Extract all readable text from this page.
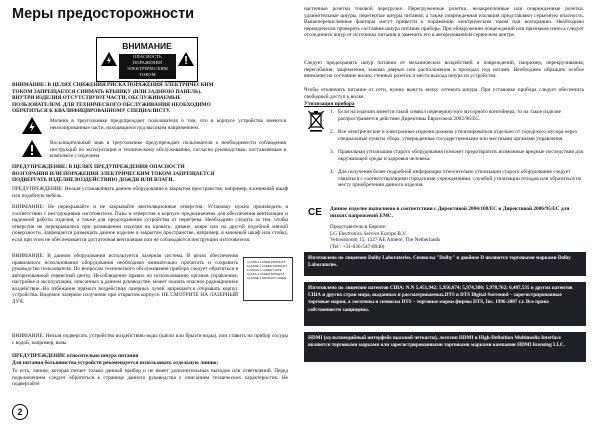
Меры предосторожности
ВНИМАНИЕ
ОПАСНОСТЬ ПОРАЖЕНИЯ
ЭЛЕКТРИЧЕСКИМ ТОКОМ
НЕ ОТКРЫВАТЬ
ВНИМАНИЕ: В ЦЕЛЯХ СНИЖЕНИЯ РИСКА ПОРАЖЕНИЯ ЭЛЕКТРИЧЕСКИМ
ТОКОМ ЗАПРЕЩАЕТСЯ СНИМАТЬ КРЫШКУ (ИЛИ ЗАДНЮЮ ПАНЕЛЬ).
ВНУТРИ ИЗДЕЛИЯ ОТСУТСТВУЮТ ЧАСТИ, ОБСЛУЖИВАЕМЫЕ
ПОЛЬЗОВАТЕЛЕМ. ДЛЯ ТЕХНИЧЕСКОГО ОБСЛУЖИВАНИЯ НЕОБХОДИМО
ОБРАТИТЬСЯ К КВАЛИФИЦИРОВАННОМУ СПЕЦИАЛИСТУ.
Молния в треугольнике предупреждает пользователя о том, что в корпусе устройства имеются неизолированные части, находящиеся под высоким напряжением.
Восклицательный знак в треугольнике предупреждает пользователя о необходимости соблюдения инструкций по эксплуатации и техническому обслуживанию, согласно руководствам, поставляемым в комплекте с изделием.
ПРЕДУПРЕЖДЕНИЕ: В ЦЕЛЯХ ПРЕДУПРЕЖДЕНИЯ ОПАСНОСТИ
ВОЗГОРАНИЯ ИЛИ ПОРАЖЕНИЯ ЭЛЕКТРИЧЕСКИМ ТОКОМ ЗАПРЕЩАЕТСЯ
ПОДВЕРГАТЬ ИЗДЕЛИЕ ВОЗДЕЙСТВИЮ ДОЖДЯ ИЛИ ВЛАГИ.
ПРЕДУПРЕЖДЕНИЕ: Нельзя устанавливать данное оборудование в закрытом пространстве, например, в книжный шкаф или подобную мебель.
ВНИМАНИЕ: Не перекрывайте и не закрывайте вентиляционные отверстия. Установку нужно производить в соответствии с инструкциями изготовителя. Пазы и отверстия в корпусе предназначены для обеспечения вентиляции и надежной работы изделия, а также для предохранения устройства от перегрева. Необходимо следить за тем, чтобы отверстия не перекрывались при размещении изделия на кровати, диване, ковре или на другой подобной мягкой поверхности. Запрещается размещать данное изделие в закрытом пространстве, например, в книжный шкаф или стойку, если при этом не обеспечивается достаточная вентиляция или не соблюдаются инструкции изготовителя.
ВНИМАНИЕ: В данном оборудовании используется лазерная система. В целях обеспечения правильного использования оборудования необходимо внимательно прочитать и сохранить руководство пользователя. По вопросам технического обслуживания прибора следует обратиться в авторизованный сервисный центр. Несоблюдение правил по использованию органов управления, настройке и эксплуатации, описанных в данном руководстве, может оказать опасное радиационное воздействие. Во избежание прямого воздействия лазерных лучей запрещается открывать корпус устройства. Видимое лазерное излучение при открытом корпусе. НЕ СМОТРИТЕ НА ЛАЗЕРНЫЙ ЛУЧ.
CLASS 1 LASER PRODUCT
KLASSE 1 LASER PRODUKT
LUOKAN 1 LASER LAITE
KLASS 1 LASER APPARAT
CLASSE 1 PRODUIT LASER
ВНИМАНИЕ: Нельзя подвергать устройство воздействию воды (капли или брызги воды), или ставить на прибор сосуды с водой, например, вазы.
ПРЕДУПРЕЖДЕНИЕ относительно шнура питания
Для питания большинства устройств рекомендуется использовать отдельную линию;
То есть, линию, которая питает только данный прибор и не имеет дополнительных выходов или ответвлений. Перед подключением следует обратиться к странице данного руководства с описанием технических характеристик. Не подвергайте
2
настенные розетки токовой перегрузке. Перегруженные розетки, незакрепленные или поврежденные розетки, удлинительные шнуры, перетертые шнуры питания, а также поврежденная изоляция представляют серьезную опасность. Вышеперечисленные факторы могут привести к поражению электрическим током или возгоранию. Необходимо периодически проверять состояние шнура питания прибора. При обнаружении повреждений или признаков износа следует отсоединить шнур от источника питания и заменить его в авторизованном сервисном центре.
Следует предохранять шнур питания от механических воздействий и повреждений, например, перекручивания, перегибания, защемления, зажима дверью или расположения в проходах под ногами. Необходимо обращать особое внимание на состояние вилок, стенных розеток и места выхода шнура из устройства.
Чтобы отключить питание от сети, нужно вынуть вилку сетевого шнура. При установке прибора следует обеспечить свободный доступ к вилке.
Утилизация прибора
1. Если на изделии имеется такой символ перечеркнутого мусорного контейнера, то на такое изделие распространяется действие Директивы Евросоюза 2002/96/ЕС.
2. Все электрические и электронные изделия должны утилизироваться отдельно от городского мусора через специальные пункты сбора, утвержденные государственными или местными органами управления.
3. Правильная утилизация старого оборудования поможет предотвратить возможные вредные последствия для окружающей среды и здоровья человека.
4. Для получения более подробной информации относительно утилизации старого оборудования следует связаться с соответствующими городскими учреждениями, службой утилизации отходов или обратиться по месту приобретения данного изделия.
CE Данное изделие выполнено в соответствии с Директивой 2004/108/EC и Директивой 2006/95/EC для низких напряжений EMC.
Представитель в Европе:
LG Electronics Service Europe B.V.
Veluwezoom 15, 1327 AE Almere, The Netherlands
(Tel : +31-036-547-8940)
Изготовлено по лицензии Dolby Laboratories. Символы "Dolby" и двойное D являются торговыми марками Dolby Laboratories.
Изготовлено по лицензии патентов США: N.N 5,451,942; 5,956,674; 5,974,380; 5,978,762; 6,487,535 и других патентов США и других стран мира, выданных и рассматриваемых.DTS и DTS Digital Surround – зарегистрированные торговые марки, а логотипы и символы DTS – торговые марки фирмы DTS, Inc. 1996-2007 г.г. Все права собственности защищены.
HDMI (мультимедийный интерфейс высокой четкости), логотип HDMI и High-Definition Multimedia Interface являются торговыми марками или зарегистрированными торговыми марками компании HDMI licensing LLC.
